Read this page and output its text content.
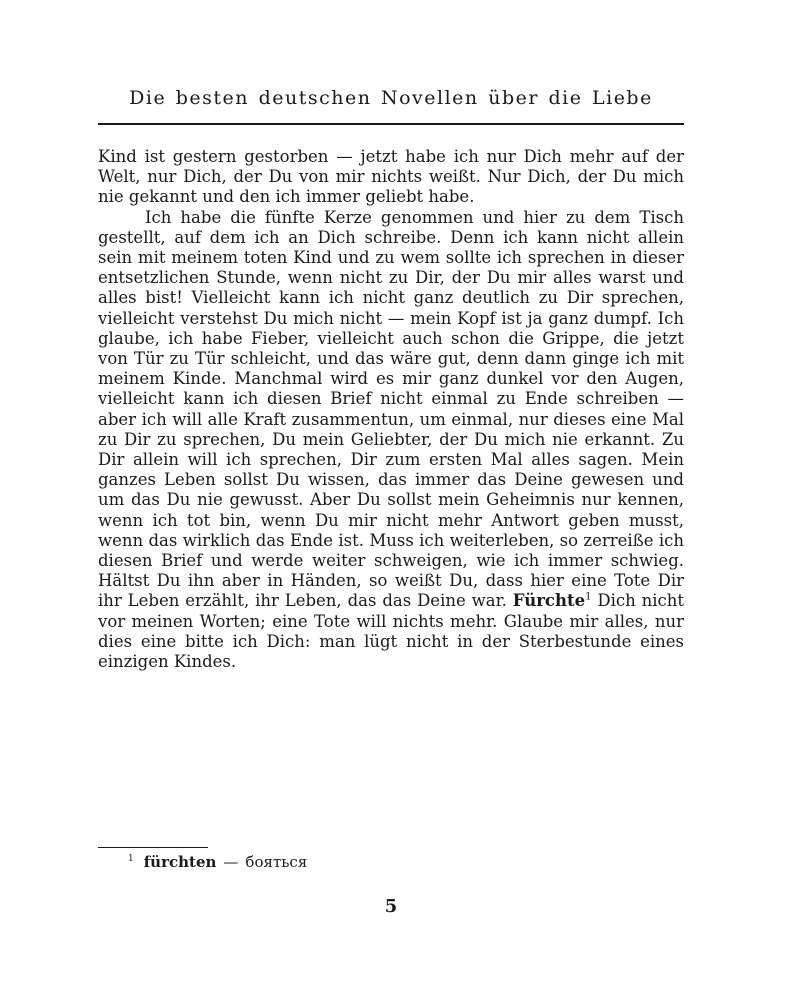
Die besten deutschen Novellen über die Liebe

Kind ist gestern gestorben — jetzt habe ich nur Dich mehr auf der Welt, nur Dich, der Du von mir nichts weißt. Nur Dich, der Du mich nie gekannt und den ich immer geliebt habe.

Ich habe die fünfte Kerze genommen und hier zu dem Tisch gestellt, auf dem ich an Dich schreibe. Denn ich kann nicht allein sein mit meinem toten Kind und zu wem sollte ich sprechen in dieser entsetzlichen Stunde, wenn nicht zu Dir, der Du mir alles warst und alles bist! Vielleicht kann ich nicht ganz deutlich zu Dir sprechen, vielleicht verstehst Du mich nicht — mein Kopf ist ja ganz dumpf. Ich glaube, ich habe Fieber, vielleicht auch schon die Grippe, die jetzt von Tür zu Tür schleicht, und das wäre gut, denn dann ginge ich mit meinem Kinde. Manchmal wird es mir ganz dunkel vor den Augen, vielleicht kann ich diesen Brief nicht einmal zu Ende schreiben — aber ich will alle Kraft zusammentun, um einmal, nur dieses eine Mal zu Dir zu sprechen, Du mein Geliebter, der Du mich nie erkannt. Zu Dir allein will ich sprechen, Dir zum ersten Mal alles sagen. Mein ganzes Leben sollst Du wissen, das immer das Deine gewesen und um das Du nie gewusst. Aber Du sollst mein Geheimnis nur kennen, wenn ich tot bin, wenn Du mir nicht mehr Antwort geben musst, wenn das wirklich das Ende ist. Muss ich weiterleben, so zerreiße ich diesen Brief und werde weiter schweigen, wie ich immer schwieg. Hältst Du ihn aber in Händen, so weißt Du, dass hier eine Tote Dir ihr Leben erzählt, ihr Leben, das das Deine war. Fürchte$^1$ Dich nicht vor meinen Worten; eine Tote will nichts mehr. Glaube mir alles, nur dies eine bitte ich Dich: man lügt nicht in der Sterbestunde eines einzigen Kindes.

$^1$ fürchten — бояться
5
